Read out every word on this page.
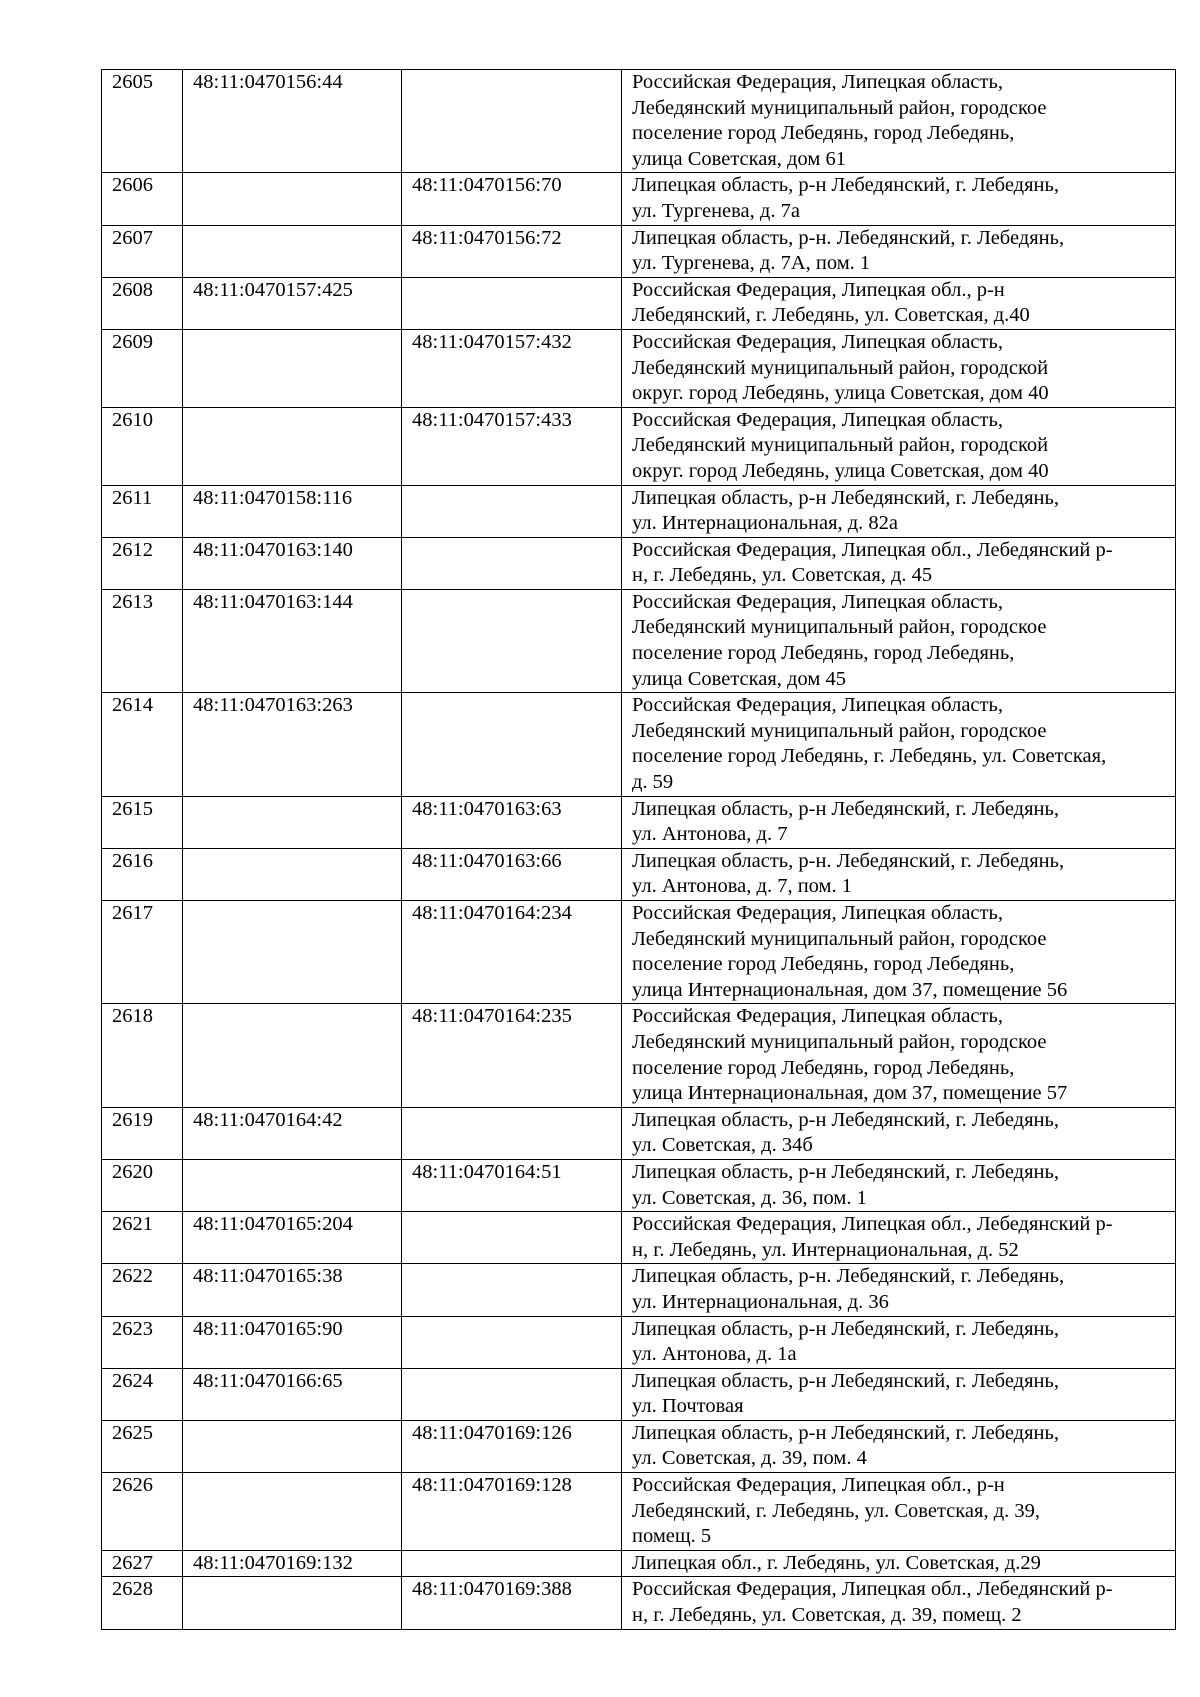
2605	48:11:0470156:44		Российская Федерация, Липецкая область,
Лебедянский муниципальный район, городское
поселение город Лебедянь, город Лебедянь,
улица Советская, дом 61
2606		48:11:0470156:70	Липецкая область, р-н Лебедянский, г. Лебедянь,
ул. Тургенева, д. 7а
2607		48:11:0470156:72	Липецкая область, р-н. Лебедянский, г. Лебедянь,
ул. Тургенева, д. 7А, пом. 1
2608	48:11:0470157:425		Российская Федерация, Липецкая обл., р-н
Лебедянский, г. Лебедянь, ул. Советская, д.40
2609		48:11:0470157:432	Российская Федерация, Липецкая область,
Лебедянский муниципальный район, городской
округ. город Лебедянь, улица Советская, дом 40
2610		48:11:0470157:433	Российская Федерация, Липецкая область,
Лебедянский муниципальный район, городской
округ. город Лебедянь, улица Советская, дом 40
2611	48:11:0470158:116		Липецкая область, р-н Лебедянский, г. Лебедянь,
ул. Интернациональная, д. 82а
2612	48:11:0470163:140		Российская Федерация, Липецкая обл., Лебедянский р-
н, г. Лебедянь, ул. Советская, д. 45
2613	48:11:0470163:144		Российская Федерация, Липецкая область,
Лебедянский муниципальный район, городское
поселение город Лебедянь, город Лебедянь,
улица Советская, дом 45
2614	48:11:0470163:263		Российская Федерация, Липецкая область,
Лебедянский муниципальный район, городское
поселение город Лебедянь, г. Лебедянь, ул. Советская,
д. 59
2615		48:11:0470163:63	Липецкая область, р-н Лебедянский, г. Лебедянь,
ул. Антонова, д. 7
2616		48:11:0470163:66	Липецкая область, р-н. Лебедянский, г. Лебедянь,
ул. Антонова, д. 7, пом. 1
2617		48:11:0470164:234	Российская Федерация, Липецкая область,
Лебедянский муниципальный район, городское
поселение город Лебедянь, город Лебедянь,
улица Интернациональная, дом 37, помещение 56
2618		48:11:0470164:235	Российская Федерация, Липецкая область,
Лебедянский муниципальный район, городское
поселение город Лебедянь, город Лебедянь,
улица Интернациональная, дом 37, помещение 57
2619	48:11:0470164:42		Липецкая область, р-н Лебедянский, г. Лебедянь,
ул. Советская, д. 34б
2620		48:11:0470164:51	Липецкая область, р-н Лебедянский, г. Лебедянь,
ул. Советская, д. 36, пом. 1
2621	48:11:0470165:204		Российская Федерация, Липецкая обл., Лебедянский р-
н, г. Лебедянь, ул. Интернациональная, д. 52
2622	48:11:0470165:38		Липецкая область, р-н. Лебедянский, г. Лебедянь,
ул. Интернациональная, д. 36
2623	48:11:0470165:90		Липецкая область, р-н Лебедянский, г. Лебедянь,
ул. Антонова, д. 1а
2624	48:11:0470166:65		Липецкая область, р-н Лебедянский, г. Лебедянь,
ул. Почтовая
2625		48:11:0470169:126	Липецкая область, р-н Лебедянский, г. Лебедянь,
ул. Советская, д. 39, пом. 4
2626		48:11:0470169:128	Российская Федерация, Липецкая обл., р-н
Лебедянский, г. Лебедянь, ул. Советская, д. 39,
помещ. 5
2627	48:11:0470169:132		Липецкая обл., г. Лебедянь, ул. Советская, д.29
2628		48:11:0470169:388	Российская Федерация, Липецкая обл., Лебедянский р-
н, г. Лебедянь, ул. Советская, д. 39, помещ. 2
